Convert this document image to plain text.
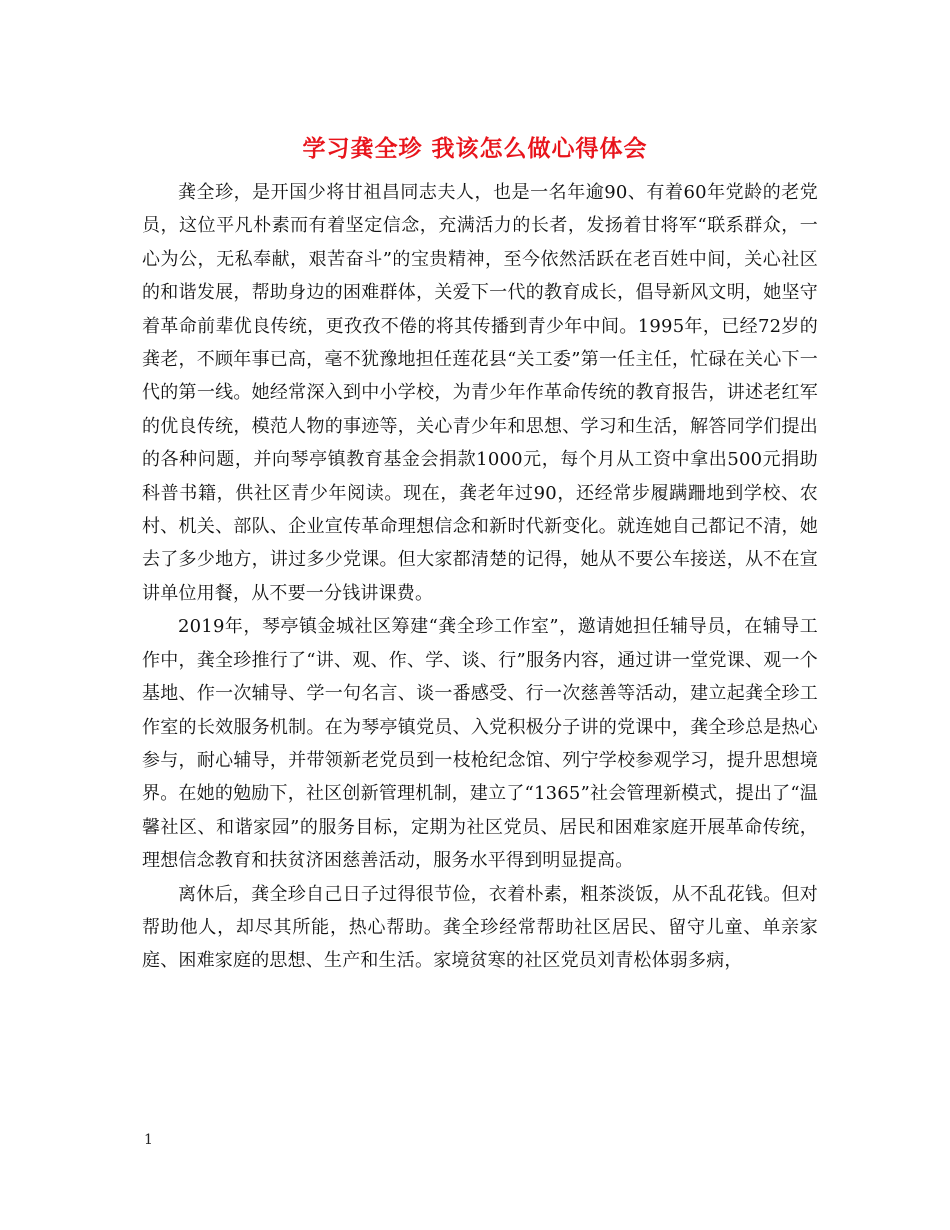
学习龚全珍 我该怎么做心得体会

龚全珍，是开国少将甘祖昌同志夫人，也是一名年逾90、有着60年党龄的老党员，这位平凡朴素而有着坚定信念，充满活力的长者，发扬着甘将军“联系群众，一心为公，无私奉献，艰苦奋斗”的宝贵精神，至今依然活跃在老百姓中间，关心社区的和谐发展，帮助身边的困难群体，关爱下一代的教育成长，倡导新风文明，她坚守着革命前辈优良传统，更孜孜不倦的将其传播到青少年中间。1995年，已经72岁的龚老，不顾年事已高，毫不犹豫地担任莲花县“关工委”第一任主任，忙碌在关心下一代的第一线。她经常深入到中小学校，为青少年作革命传统的教育报告，讲述老红军的优良传统，模范人物的事迹等，关心青少年和思想、学习和生活，解答同学们提出的各种问题，并向琴亭镇教育基金会捐款1000元，每个月从工资中拿出500元捐助科普书籍，供社区青少年阅读。现在，龚老年过90，还经常步履蹒跚地到学校、农村、机关、部队、企业宣传革命理想信念和新时代新变化。就连她自己都记不清，她去了多少地方，讲过多少党课。但大家都清楚的记得，她从不要公车接送，从不在宣讲单位用餐，从不要一分钱讲课费。

2019年，琴亭镇金城社区筹建“龚全珍工作室”，邀请她担任辅导员，在辅导工作中，龚全珍推行了“讲、观、作、学、谈、行”服务内容，通过讲一堂党课、观一个基地、作一次辅导、学一句名言、谈一番感受、行一次慈善等活动，建立起龚全珍工作室的长效服务机制。在为琴亭镇党员、入党积极分子讲的党课中，龚全珍总是热心参与，耐心辅导，并带领新老党员到一枝枪纪念馆、列宁学校参观学习，提升思想境界。在她的勉励下，社区创新管理机制，建立了“1365”社会管理新模式，提出了“温馨社区、和谐家园”的服务目标，定期为社区党员、居民和困难家庭开展革命传统，理想信念教育和扶贫济困慈善活动，服务水平得到明显提高。

离休后，龚全珍自己日子过得很节俭，衣着朴素，粗茶淡饭，从不乱花钱。但对帮助他人，却尽其所能，热心帮助。龚全珍经常帮助社区居民、留守儿童、单亲家庭、困难家庭的思想、生产和生活。家境贫寒的社区党员刘青松体弱多病，

1
